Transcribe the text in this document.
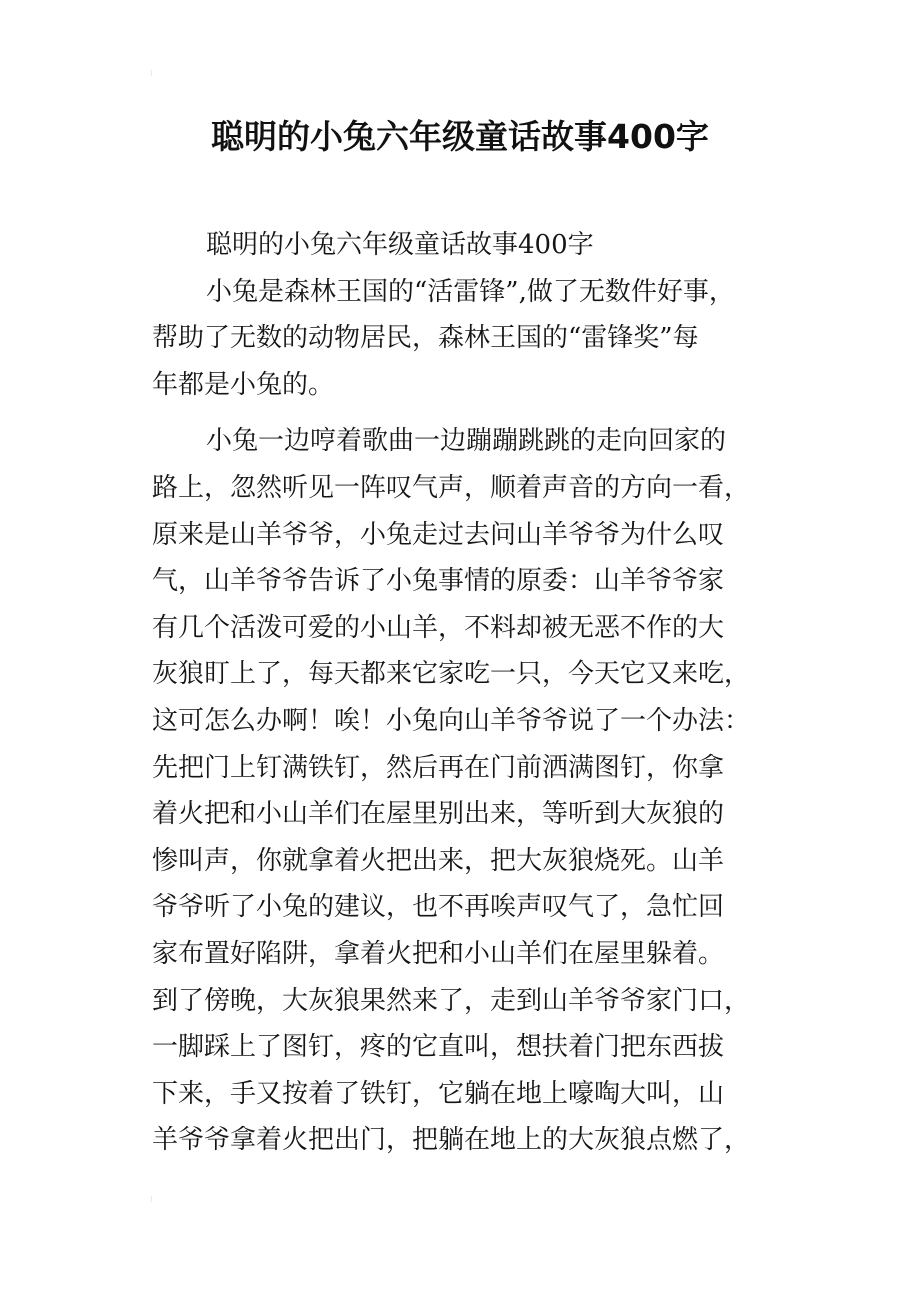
⁝
⁝
聪明的小兔六年级童话故事400字
聪明的小兔六年级童话故事400字
小兔是森林王国的“活雷锋”,做了无数件好事，
帮助了无数的动物居民，森林王国的“雷锋奖”每
年都是小兔的。
小兔一边哼着歌曲一边蹦蹦跳跳的走向回家的
路上，忽然听见一阵叹气声，顺着声音的方向一看，
原来是山羊爷爷，小兔走过去问山羊爷爷为什么叹
气，山羊爷爷告诉了小兔事情的原委：山羊爷爷家
有几个活泼可爱的小山羊，不料却被无恶不作的大
灰狼盯上了，每天都来它家吃一只，今天它又来吃，
这可怎么办啊！唉！小兔向山羊爷爷说了一个办法：
先把门上钉满铁钉，然后再在门前洒满图钉，你拿
着火把和小山羊们在屋里别出来，等听到大灰狼的
惨叫声，你就拿着火把出来，把大灰狼烧死。山羊
爷爷听了小兔的建议，也不再唉声叹气了，急忙回
家布置好陷阱，拿着火把和小山羊们在屋里躲着。
到了傍晚，大灰狼果然来了，走到山羊爷爷家门口，
一脚踩上了图钉，疼的它直叫，想扶着门把东西拔
下来，手又按着了铁钉，它躺在地上嚎啕大叫，山
羊爷爷拿着火把出门，把躺在地上的大灰狼点燃了，
